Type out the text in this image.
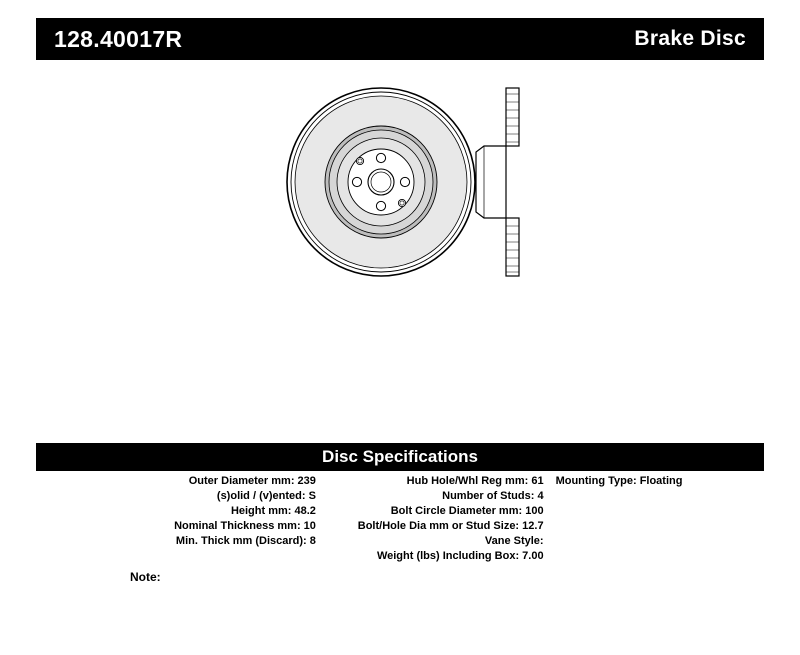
128.40017R	Brake Disc
Disc Specifications
Outer Diameter mm: 239
(s)olid / (v)ented: S
Height mm: 48.2
Nominal Thickness mm: 10
Min. Thick mm (Discard): 8
Hub Hole/Whl Reg mm: 61
Number of Studs: 4
Bolt Circle Diameter mm: 100
Bolt/Hole Dia mm or Stud Size: 12.7
Vane Style:
Weight (lbs) Including Box: 7.00
Mounting Type: Floating
Note:
